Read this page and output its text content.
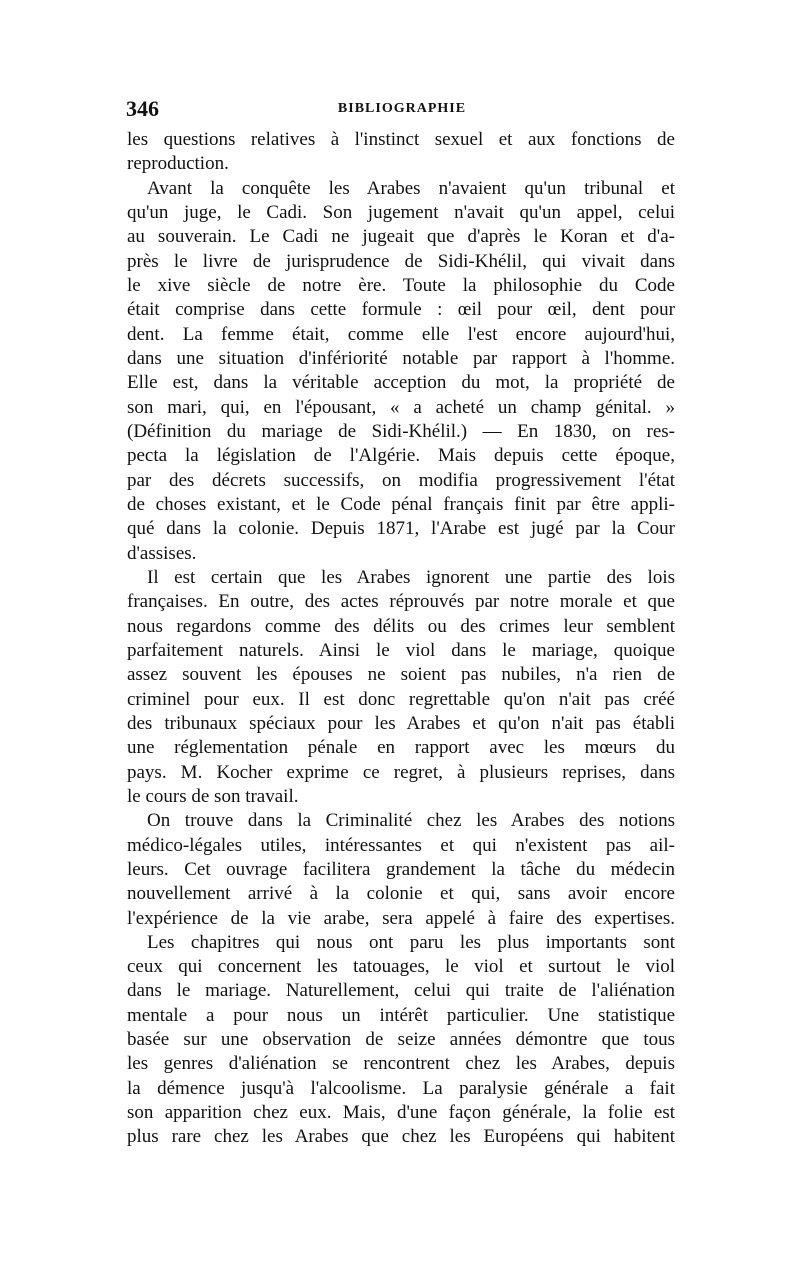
346	BIBLIOGRAPHIE
les questions relatives à l'instinct sexuel et aux fonctions de
reproduction.
Avant la conquête les Arabes n'avaient qu'un tribunal et
qu'un juge, le Cadi. Son jugement n'avait qu'un appel, celui
au souverain. Le Cadi ne jugeait que d'après le Koran et d'a-
près le livre de jurisprudence de Sidi-Khélil, qui vivait dans
le xive siècle de notre ère. Toute la philosophie du Code
était comprise dans cette formule : œil pour œil, dent pour
dent. La femme était, comme elle l'est encore aujourd'hui,
dans une situation d'infériorité notable par rapport à l'homme.
Elle est, dans la véritable acception du mot, la propriété de
son mari, qui, en l'épousant, « a acheté un champ génital. »
(Définition du mariage de Sidi-Khélil.) — En 1830, on res-
pecta la législation de l'Algérie. Mais depuis cette époque,
par des décrets successifs, on modifia progressivement l'état
de choses existant, et le Code pénal français finit par être appli-
qué dans la colonie. Depuis 1871, l'Arabe est jugé par la Cour
d'assises.
Il est certain que les Arabes ignorent une partie des lois
françaises. En outre, des actes réprouvés par notre morale et que
nous regardons comme des délits ou des crimes leur semblent
parfaitement naturels. Ainsi le viol dans le mariage, quoique
assez souvent les épouses ne soient pas nubiles, n'a rien de
criminel pour eux. Il est donc regrettable qu'on n'ait pas créé
des tribunaux spéciaux pour les Arabes et qu'on n'ait pas établi
une réglementation pénale en rapport avec les mœurs du
pays. M. Kocher exprime ce regret, à plusieurs reprises, dans
le cours de son travail.
On trouve dans la Criminalité chez les Arabes des notions
médico-légales utiles, intéressantes et qui n'existent pas ail-
leurs. Cet ouvrage facilitera grandement la tâche du médecin
nouvellement arrivé à la colonie et qui, sans avoir encore
l'expérience de la vie arabe, sera appelé à faire des expertises.
Les chapitres qui nous ont paru les plus importants sont
ceux qui concernent les tatouages, le viol et surtout le viol
dans le mariage. Naturellement, celui qui traite de l'aliénation
mentale a pour nous un intérêt particulier. Une statistique
basée sur une observation de seize années démontre que tous
les genres d'aliénation se rencontrent chez les Arabes, depuis
la démence jusqu'à l'alcoolisme. La paralysie générale a fait
son apparition chez eux. Mais, d'une façon générale, la folie est
plus rare chez les Arabes que chez les Européens qui habitent
